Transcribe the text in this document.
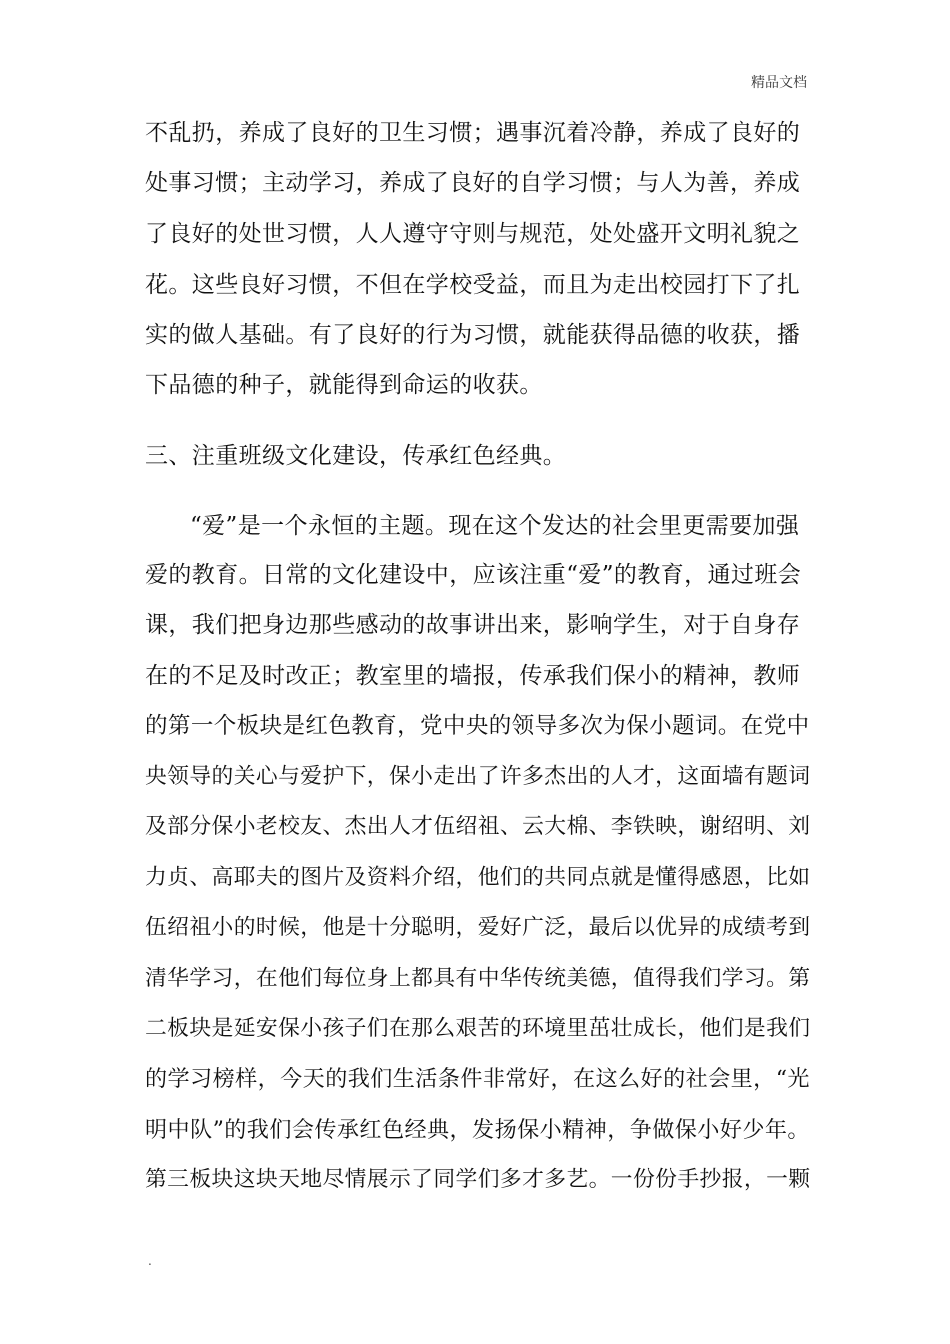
精品文档
不乱扔，养成了良好的卫生习惯；遇事沉着冷静，养成了良好的
处事习惯；主动学习，养成了良好的自学习惯；与人为善，养成
了良好的处世习惯，人人遵守守则与规范，处处盛开文明礼貌之
花。这些良好习惯，不但在学校受益，而且为走出校园打下了扎
实的做人基础。有了良好的行为习惯，就能获得品德的收获，播
下品德的种子，就能得到命运的收获。
三、注重班级文化建设，传承红色经典。
“爱”是一个永恒的主题。现在这个发达的社会里更需要加强
爱的教育。日常的文化建设中，应该注重“爱”的教育，通过班会
课，我们把身边那些感动的故事讲出来，影响学生，对于自身存
在的不足及时改正；教室里的墙报，传承我们保小的精神，教师
的第一个板块是红色教育，党中央的领导多次为保小题词。在党中
央领导的关心与爱护下，保小走出了许多杰出的人才，这面墙有题词
及部分保小老校友、杰出人才伍绍祖、云大棉、李铁映，谢绍明、刘
力贞、高耶夫的图片及资料介绍，他们的共同点就是懂得感恩，比如
伍绍祖小的时候，他是十分聪明，爱好广泛，最后以优异的成绩考到
清华学习，在他们每位身上都具有中华传统美德，值得我们学习。第
二板块是延安保小孩子们在那么艰苦的环境里茁壮成长，他们是我们
的学习榜样，今天的我们生活条件非常好，在这么好的社会里，“光
明中队”的我们会传承红色经典，发扬保小精神，争做保小好少年。
第三板块这块天地尽情展示了同学们多才多艺。一份份手抄报，一颗
.
